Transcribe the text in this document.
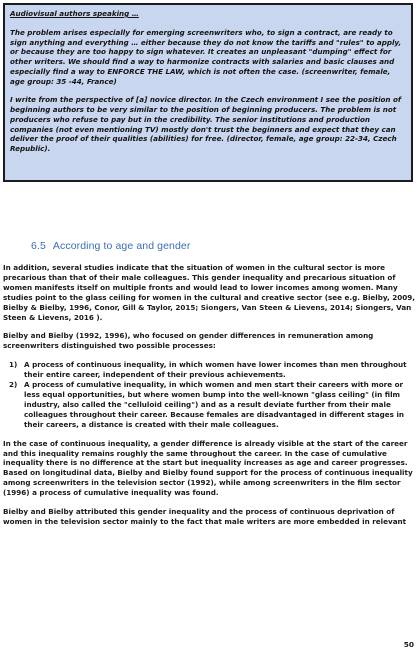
Audiovisual authors speaking …

The problem arises especially for emerging screenwriters who, to sign a contract, are ready to sign anything and everything … either because they do not know the tariffs and "rules" to apply, or because they are too happy to sign whatever. It creates an unpleasant "dumping" effect for other writers. We should find a way to harmonize contracts with salaries and basic clauses and especially find a way to ENFORCE THE LAW, which is not often the case. (screenwriter, female, age group: 35 -44, France)

I write from the perspective of [a] novice director. In the Czech environment I see the position of beginning authors to be very similar to the position of beginning producers. The problem is not producers who refuse to pay but in the credibility. The senior institutions and production companies (not even mentioning TV) mostly don't trust the beginners and expect that they can deliver the proof of their qualities (abilities) for free. (director, female, age group: 22-34, Czech Republic).

6.5 According to age and gender

In addition, several studies indicate that the situation of women in the cultural sector is more precarious than that of their male colleagues. This gender inequality and precarious situation of women manifests itself on multiple fronts and would lead to lower incomes among women. Many studies point to the glass ceiling for women in the cultural and creative sector (see e.g. Bielby, 2009, Bielby & Bielby, 1996, Conor, Gill & Taylor, 2015; Siongers, Van Steen & Lievens, 2014; Siongers, Van Steen & Lievens, 2016 ).

Bielby and Bielby (1992, 1996), who focused on gender differences in remuneration among screenwriters distinguished two possible processes:

1) A process of continuous inequality, in which women have lower incomes than men throughout their entire career, independent of their previous achievements.
2) A process of cumulative inequality, in which women and men start their careers with more or less equal opportunities, but where women bump into the well-known "glass ceiling" (in film industry, also called the "celluloid ceiling") and as a result deviate further from their male colleagues throughout their career. Because females are disadvantaged in different stages in their careers, a distance is created with their male colleagues.

In the case of continuous inequality, a gender difference is already visible at the start of the career and this inequality remains roughly the same throughout the career. In the case of cumulative inequality there is no difference at the start but inequality increases as age and career progresses. Based on longitudinal data, Bielby and Bielby found support for the process of continuous inequality among screenwriters in the television sector (1992), while among screenwriters in the film sector (1996) a process of cumulative inequality was found.

Bielby and Bielby attributed this gender inequality and the process of continuous deprivation of women in the television sector mainly to the fact that male writers are more embedded in relevant

50
